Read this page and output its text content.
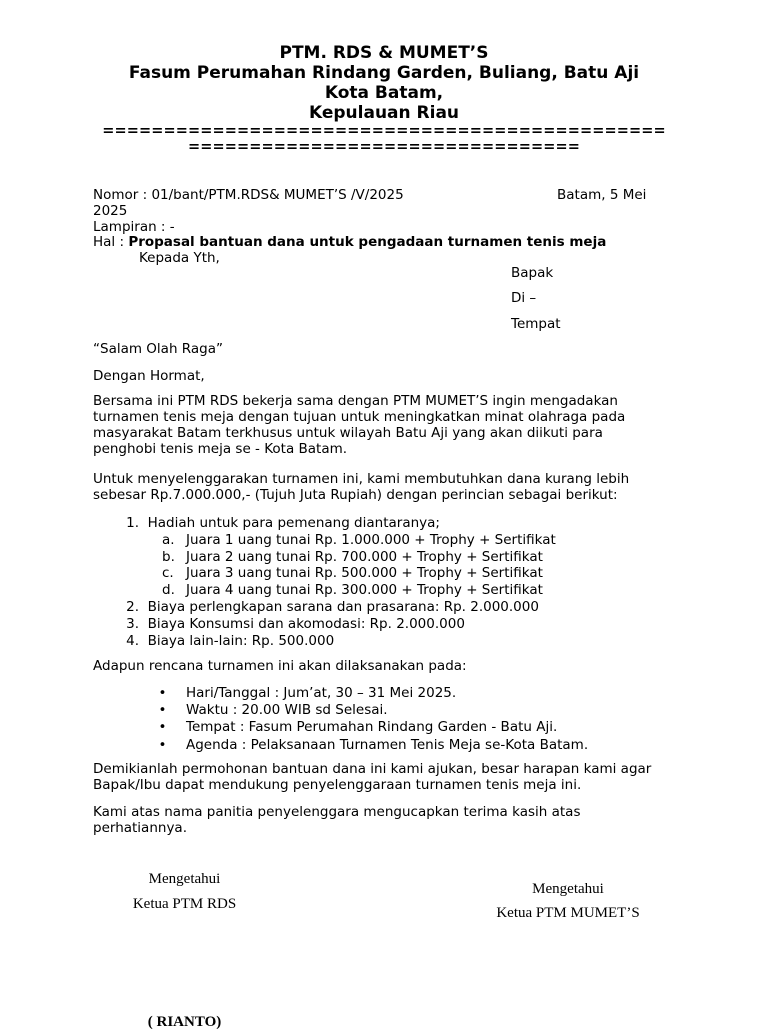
PTM. RDS & MUMET’S
Fasum Perumahan Rindang Garden, Buliang, Batu Aji
Kota Batam,
Kepulauan Riau
==============================================
================================
Nomor : 01/bant/PTM.RDS& MUMET’S /V/2025	Batam, 5 Mei
2025
Lampiran : -
Hal : Propasal bantuan dana untuk pengadaan turnamen tenis meja
Kepada Yth,
Bapak
Di –
Tempat
“Salam Olah Raga”
Dengan Hormat,
Bersama ini PTM RDS bekerja sama dengan PTM MUMET’S ingin mengadakan turnamen tenis meja dengan tujuan untuk meningkatkan minat olahraga pada masyarakat Batam terkhusus untuk wilayah Batu Aji yang akan diikuti para penghobi tenis meja se - Kota Batam.
Untuk menyelenggarakan turnamen ini, kami membutuhkan dana kurang lebih sebesar Rp.7.000.000,- (Tujuh Juta Rupiah) dengan perincian sebagai berikut:
1. Hadiah untuk para pemenang diantaranya;
a. Juara 1 uang tunai Rp. 1.000.000 + Trophy + Sertifikat
b. Juara 2 uang tunai Rp. 700.000 + Trophy + Sertifikat
c. Juara 3 uang tunai Rp. 500.000 + Trophy + Sertifikat
d. Juara 4 uang tunai Rp. 300.000 + Trophy + Sertifikat
2. Biaya perlengkapan sarana dan prasarana: Rp. 2.000.000
3. Biaya Konsumsi dan akomodasi: Rp. 2.000.000
4. Biaya lain-lain: Rp. 500.000
Adapun rencana turnamen ini akan dilaksanakan pada:
• Hari/Tanggal : Jum’at, 30 – 31 Mei 2025.
• Waktu : 20.00 WIB sd Selesai.
• Tempat : Fasum Perumahan Rindang Garden - Batu Aji.
• Agenda : Pelaksanaan Turnamen Tenis Meja se-Kota Batam.
Demikianlah permohonan bantuan dana ini kami ajukan, besar harapan kami agar Bapak/Ibu dapat mendukung penyelenggaraan turnamen tenis meja ini.
Kami atas nama panitia penyelenggara mengucapkan terima kasih atas perhatiannya.
Mengetahui
Ketua PTM RDS
( RIANTO)
Mengetahui
Ketua PTM MUMET’S
